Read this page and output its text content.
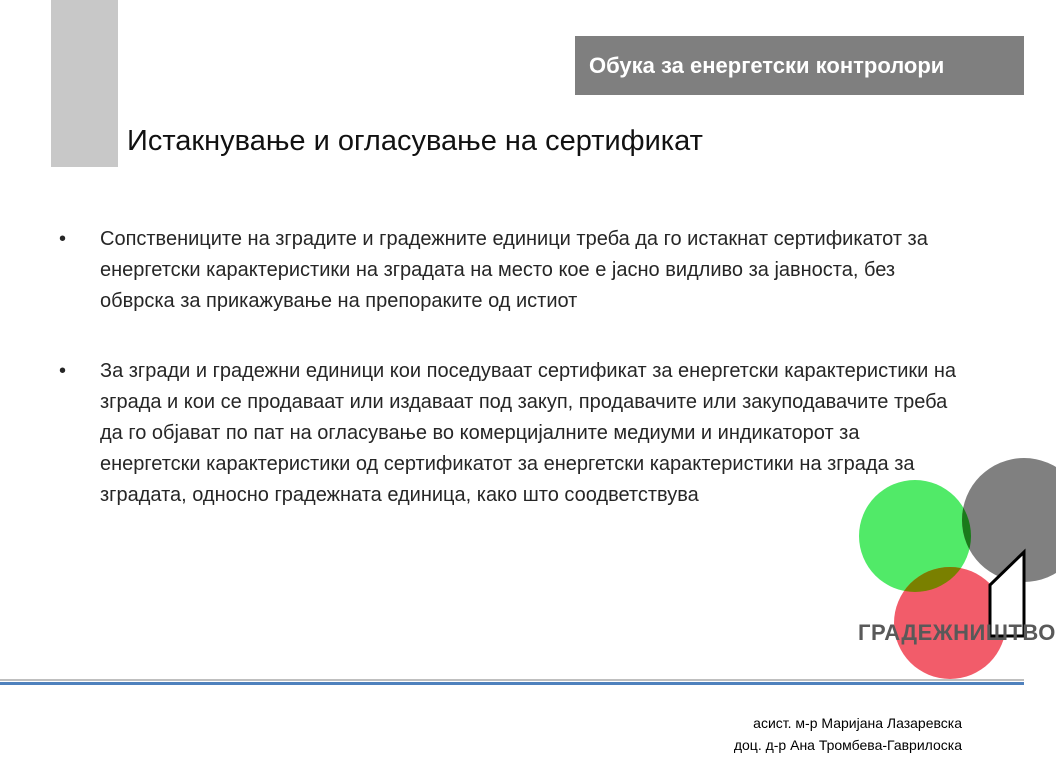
Обука за енергетски контролори
Истакнување и огласување на сертификат
• Сопствениците на зградите и градежните единици треба да го истакнат сертификатот за енергетски карактеристики на зградата на место кое е јасно видливо за јавноста, без обврска за прикажување на препораките од истиот
• За згради и градежни единици кои поседуваат сертификат за енергетски карактеристики на зграда и кои се продаваат или издаваат под закуп, продавачите или закуподавачите треба да го објават по пат на огласување во комерцијалните медиуми и индикаторот за енергетски карактеристики од сертификатот за енергетски карактеристики на зграда за зградата, односно градежната единица, како што соодветствува
ГРАДЕЖНИШТВО
асист. м-р Маријана Лазаревска
доц. д-р Ана Тромбева-Гаврилоска
